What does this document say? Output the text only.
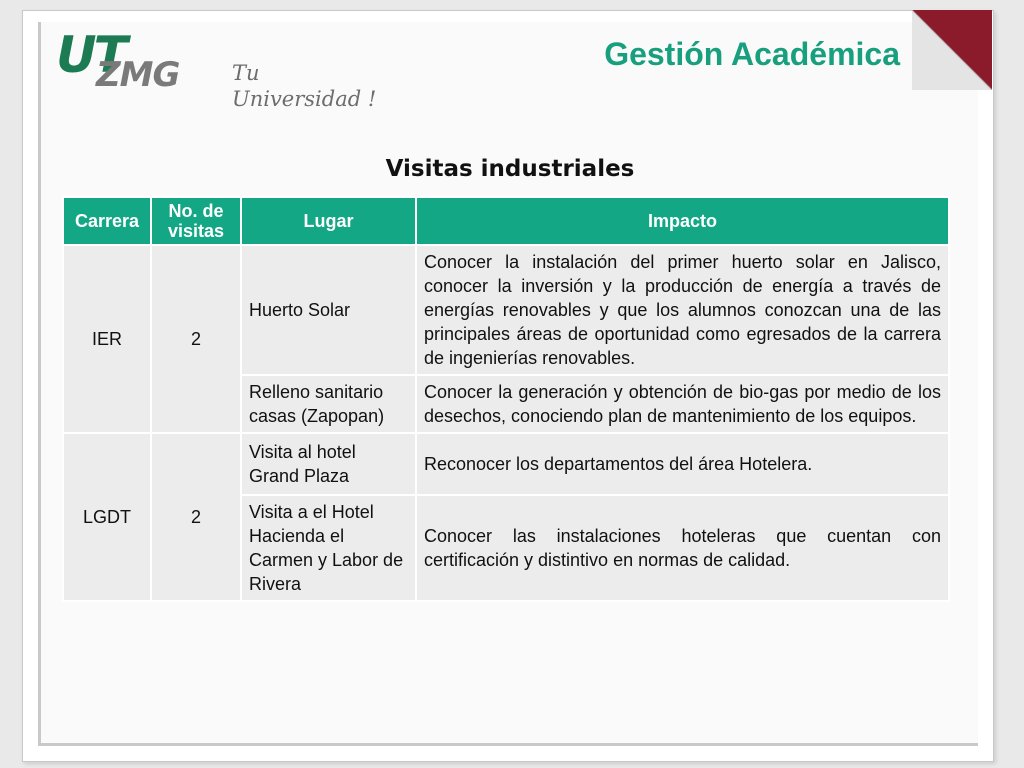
UT
ZMG	Tu Universidad !
Gestión Académica
Visitas industriales
Carrera	No. de visitas	Lugar	Impacto
IER	2	Huerto Solar	Conocer la instalación del primer huerto solar en Jalisco, conocer la inversión y la producción de energía a través de energías renovables y que los alumnos conozcan una de las principales áreas de oportunidad como egresados de la carrera de ingenierías renovables.
		Relleno sanitario casas (Zapopan)	Conocer la generación y obtención de bio-gas por medio de los desechos, conociendo plan de mantenimiento de los equipos.
LGDT	2	Visita al hotel Grand Plaza	Reconocer los departamentos del área Hotelera.
		Visita a el Hotel Hacienda el Carmen y Labor de Rivera	Conocer las instalaciones hoteleras que cuentan con certificación y distintivo en normas de calidad.
